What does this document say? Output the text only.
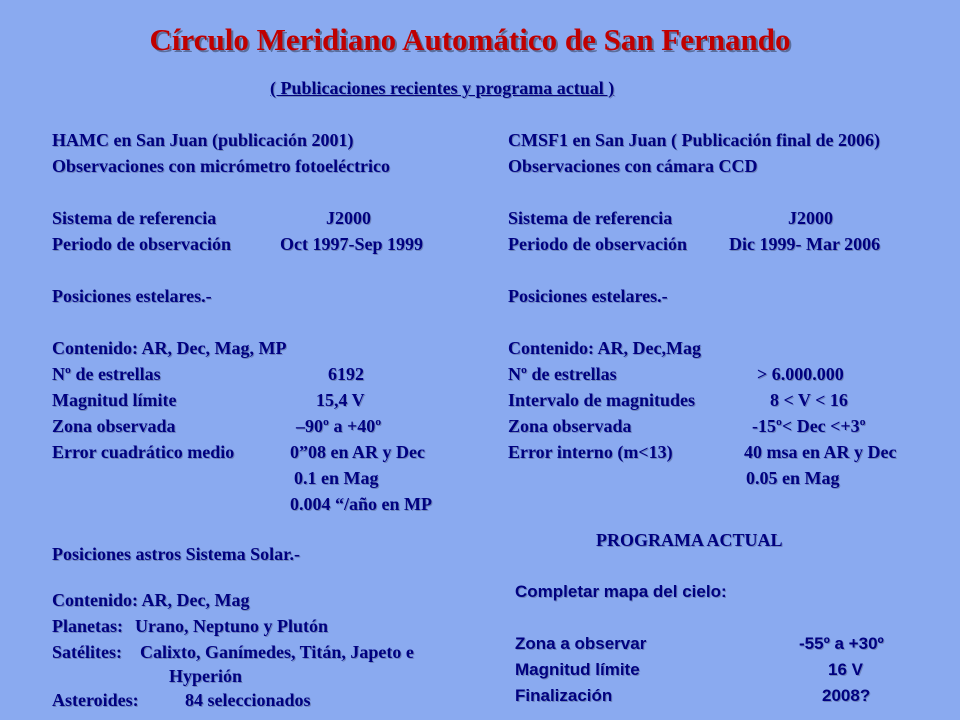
Círculo Meridiano Automático de San Fernando
( Publicaciones recientes y programa actual )
HAMC en San Juan (publicación 2001)
Observaciones con micrómetro fotoeléctrico
Sistema de referencia	J2000
Periodo de observación	Oct 1997-Sep 1999
Posiciones estelares.-
Contenido: AR, Dec, Mag, MP
Nº de estrellas	6192
Magnitud límite	15,4 V
Zona observada	–90º a +40º
Error cuadrático medio	0”08 en AR y Dec
0.1 en Mag
0.004 “/año en MP
Posiciones astros Sistema Solar.-
Contenido: AR, Dec, Mag
Planetas: Urano, Neptuno y Plutón
Satélites: Calixto, Ganímedes, Titán, Japeto e
Hyperión
Asteroides:	84 seleccionados
CMSF1 en San Juan ( Publicación final de 2006)
Observaciones con cámara CCD
Sistema de referencia	J2000
Periodo de observación Dic 1999- Mar 2006
Posiciones estelares.-
Contenido: AR, Dec,Mag
Nº de estrellas	> 6.000.000
Intervalo de magnitudes	8 < V < 16
Zona observada	-15º< Dec <+3º
Error interno (m<13)	40 msa en AR y Dec
0.05 en Mag
PROGRAMA ACTUAL
Completar mapa del cielo:
Zona a observar	-55º a +30º
Magnitud límite	16 V
Finalización	2008?
